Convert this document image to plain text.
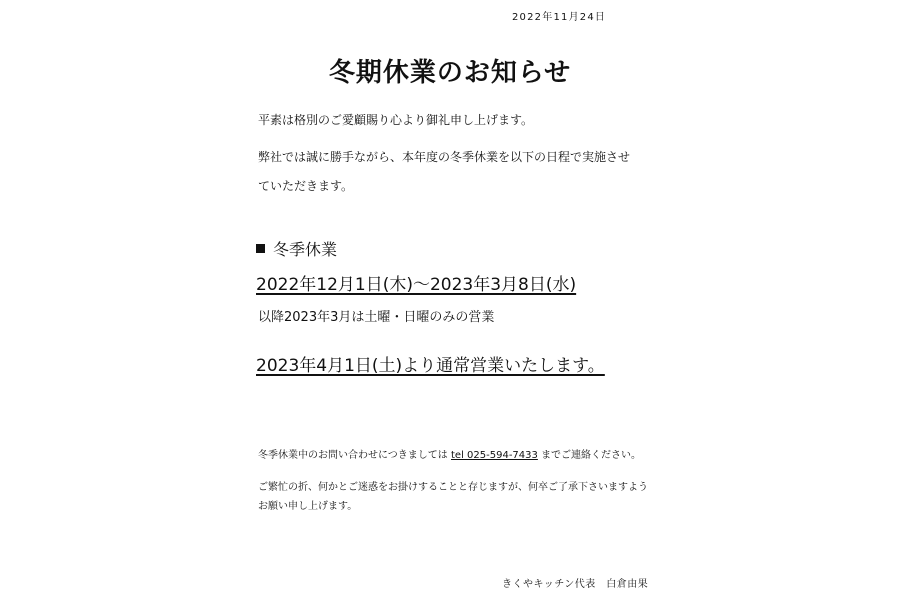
2022年11月24日
冬期休業のお知らせ

平素は格別のご愛顧賜り心より御礼申し上げます。

弊社では誠に勝手ながら、本年度の冬季休業を以下の日程で実施させ

ていただきます。

冬季休業
2022年12月1日(木)～2023年3月8日(水)
以降2023年3月は土曜・日曜のみの営業
2023年4月1日(土)より通常営業いたします。
冬季休業中のお問い合わせにつきましては tel 025-594-7433 までご連絡ください。

ご繁忙の折、何かとご迷惑をお掛けすることと存じますが、何卒ご了承下さいますよう

お願い申し上げます。

きくやキッチン代表　白倉由果
